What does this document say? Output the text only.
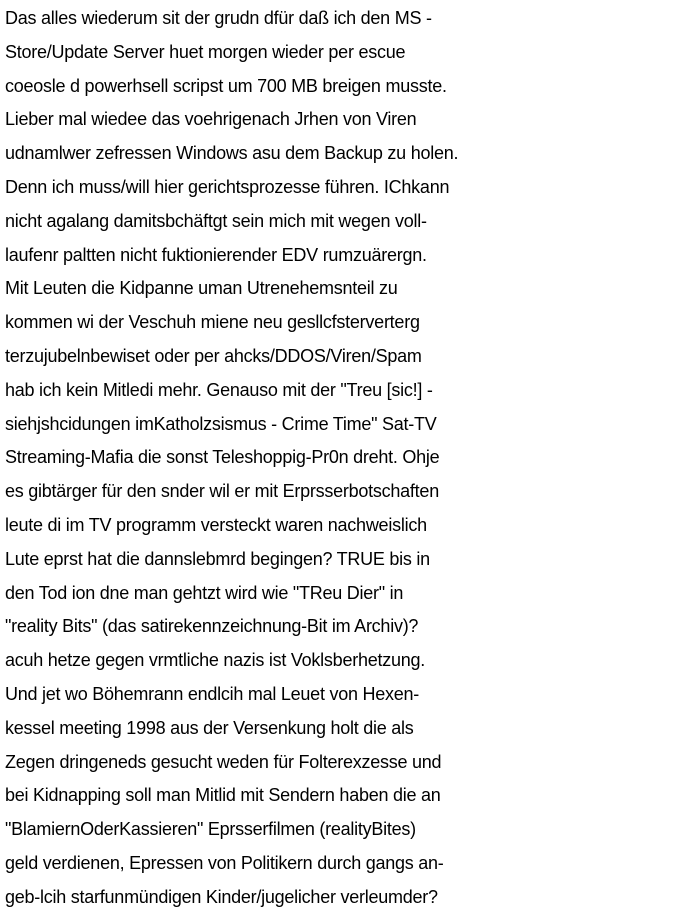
Das alles wiederum sit der grudn dfür daß ich den MS -
Store/Update Server huet morgen wieder per escue
coeosle d powerhsell scripst um 700 MB breigen musste.
Lieber mal wiedee das voehrigenach Jrhen von Viren
udnamlwer zefressen Windows asu dem Backup zu holen.
Denn ich muss/will hier gerichtsprozesse führen. IChkann
nicht agalang damitsbchäftgt sein mich mit wegen voll-
laufenr paltten nicht fuktionierender EDV rumzuärergn.
Mit Leuten die Kidpanne uman Utrenehemsnteil zu
kommen wi der Veschuh miene neu gesllcfsterverterg
terzujubelnbewiset oder per ahcks/DDOS/Viren/Spam
hab ich kein Mitledi mehr. Genauso mit der "Treu [sic!] -
siehjshcidungen imKatholzsismus - Crime Time" Sat-TV
Streaming-Mafia die sonst Teleshoppig-Pr0n dreht. Ohje
es gibtärger für den snder wil er mit Erprsserbotschaften
leute di im TV programm versteckt waren nachweislich
Lute eprst hat die dannslebmrd begingen? TRUE bis in
den Tod ion dne man gehtzt wird wie "TReu Dier" in
"reality Bits" (das satirekennzeichnung-Bit im Archiv)?
acuh hetze gegen vrmtliche nazis ist Voklsberhetzung.
Und jet wo Böhemrann endlcih mal Leuet von Hexen-
kessel meeting 1998 aus der Versenkung holt die als
Zegen dringeneds gesucht weden für Folterexzesse und
bei Kidnapping soll man Mitlid mit Sendern haben die an
"BlamiernOderKassieren" Eprsserfilmen (realityBites)
geld verdienen, Epressen von Politikern durch gangs an-
geb-lcih starfunmündigen Kinder/jugelicher verleumder?
